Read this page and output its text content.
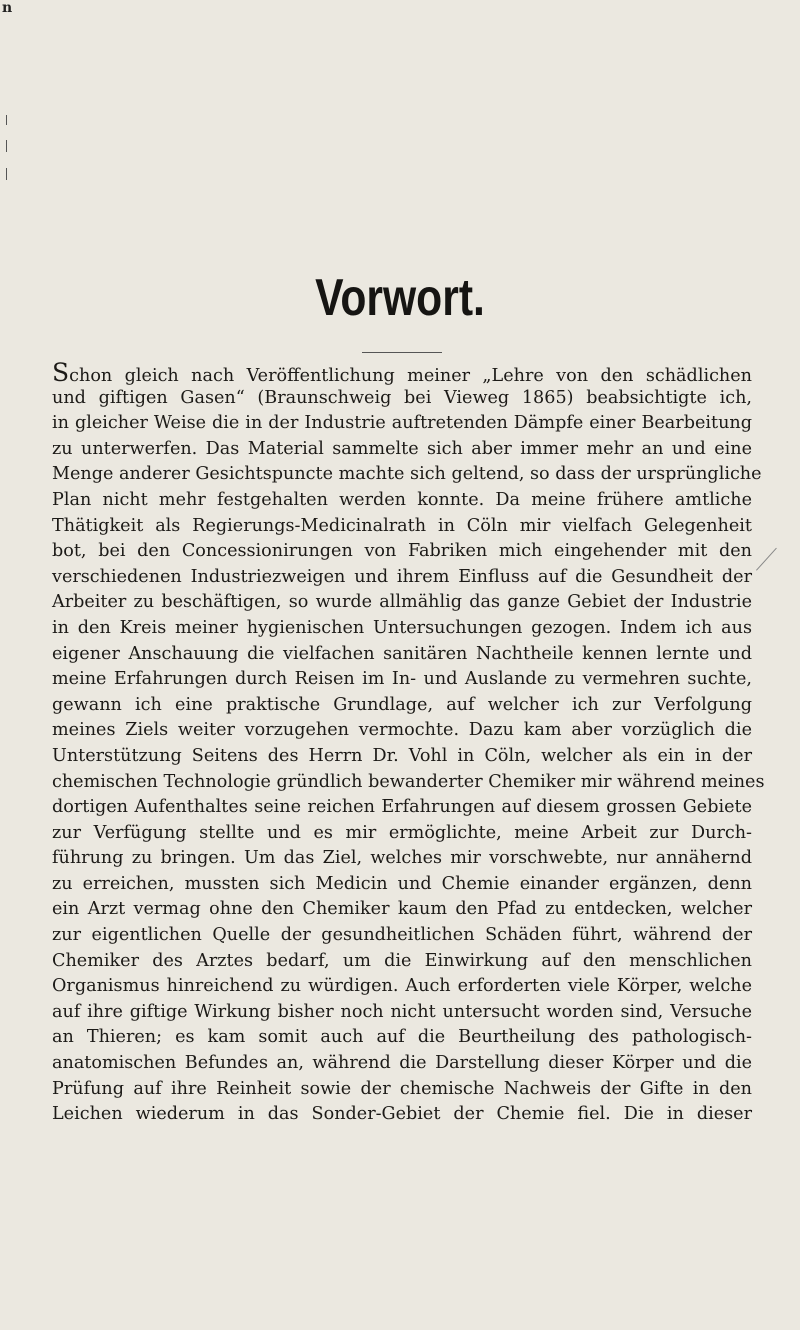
n
Vorwort.
Schon gleich nach Veröffentlichung meiner „Lehre von den schädlichen
und giftigen Gasen“ (Braunschweig bei Vieweg 1865) beabsichtigte ich,
in gleicher Weise die in der Industrie auftretenden Dämpfe einer Bearbeitung
zu unterwerfen. Das Material sammelte sich aber immer mehr an und eine
Menge anderer Gesichtspuncte machte sich geltend, so dass der ursprüngliche
Plan nicht mehr festgehalten werden konnte. Da meine frühere amtliche
Thätigkeit als Regierungs-Medicinalrath in Cöln mir vielfach Gelegenheit
bot, bei den Concessionirungen von Fabriken mich eingehender mit den
verschiedenen Industriezweigen und ihrem Einfluss auf die Gesundheit der
Arbeiter zu beschäftigen, so wurde allmählig das ganze Gebiet der Industrie
in den Kreis meiner hygienischen Untersuchungen gezogen. Indem ich aus
eigener Anschauung die vielfachen sanitären Nachtheile kennen lernte und
meine Erfahrungen durch Reisen im In- und Auslande zu vermehren suchte,
gewann ich eine praktische Grundlage, auf welcher ich zur Verfolgung
meines Ziels weiter vorzugehen vermochte. Dazu kam aber vorzüglich die
Unterstützung Seitens des Herrn Dr. Vohl in Cöln, welcher als ein in der
chemischen Technologie gründlich bewanderter Chemiker mir während meines
dortigen Aufenthaltes seine reichen Erfahrungen auf diesem grossen Gebiete
zur Verfügung stellte und es mir ermöglichte, meine Arbeit zur Durch-
führung zu bringen. Um das Ziel, welches mir vorschwebte, nur annähernd
zu erreichen, mussten sich Medicin und Chemie einander ergänzen, denn
ein Arzt vermag ohne den Chemiker kaum den Pfad zu entdecken, welcher
zur eigentlichen Quelle der gesundheitlichen Schäden führt, während der
Chemiker des Arztes bedarf, um die Einwirkung auf den menschlichen
Organismus hinreichend zu würdigen. Auch erforderten viele Körper, welche
auf ihre giftige Wirkung bisher noch nicht untersucht worden sind, Versuche
an Thieren; es kam somit auch auf die Beurtheilung des pathologisch-
anatomischen Befundes an, während die Darstellung dieser Körper und die
Prüfung auf ihre Reinheit sowie der chemische Nachweis der Gifte in den
Leichen wiederum in das Sonder-Gebiet der Chemie fiel. Die in dieser
